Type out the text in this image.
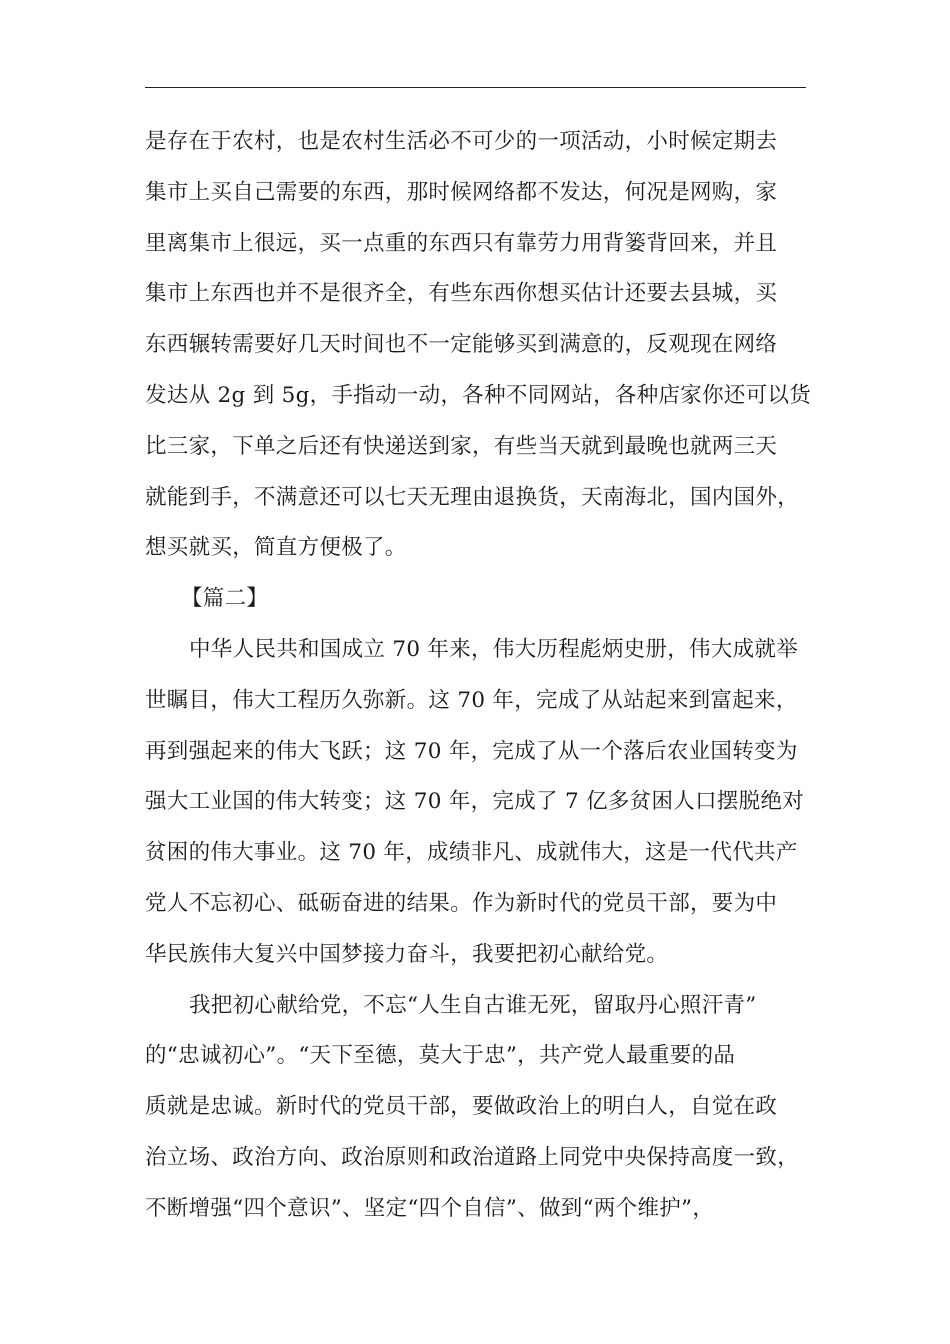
是存在于农村，也是农村生活必不可少的一项活动，小时候定期去
集市上买自己需要的东西，那时候网络都不发达，何况是网购，家
里离集市上很远，买一点重的东西只有靠劳力用背篓背回来，并且
集市上东西也并不是很齐全，有些东西你想买估计还要去县城，买
东西辗转需要好几天时间也不一定能够买到满意的，反观现在网络
发达从 2g 到 5g，手指动一动，各种不同网站，各种店家你还可以货
比三家，下单之后还有快递送到家，有些当天就到最晚也就两三天
就能到手，不满意还可以七天无理由退换货，天南海北，国内国外，
想买就买，简直方便极了。
【篇二】
中华人民共和国成立 70 年来，伟大历程彪炳史册，伟大成就举
世瞩目，伟大工程历久弥新。这 70 年，完成了从站起来到富起来，
再到强起来的伟大飞跃；这 70 年，完成了从一个落后农业国转变为
强大工业国的伟大转变；这 70 年，完成了 7 亿多贫困人口摆脱绝对
贫困的伟大事业。这 70 年，成绩非凡、成就伟大，这是一代代共产
党人不忘初心、砥砺奋进的结果。作为新时代的党员干部，要为中
华民族伟大复兴中国梦接力奋斗，我要把初心献给党。
我把初心献给党，不忘“人生自古谁无死，留取丹心照汗青”
的“忠诚初心”。“天下至德，莫大于忠”，共产党人最重要的品
质就是忠诚。新时代的党员干部，要做政治上的明白人，自觉在政
治立场、政治方向、政治原则和政治道路上同党中央保持高度一致，
不断增强“四个意识”、坚定“四个自信”、做到“两个维护”，
